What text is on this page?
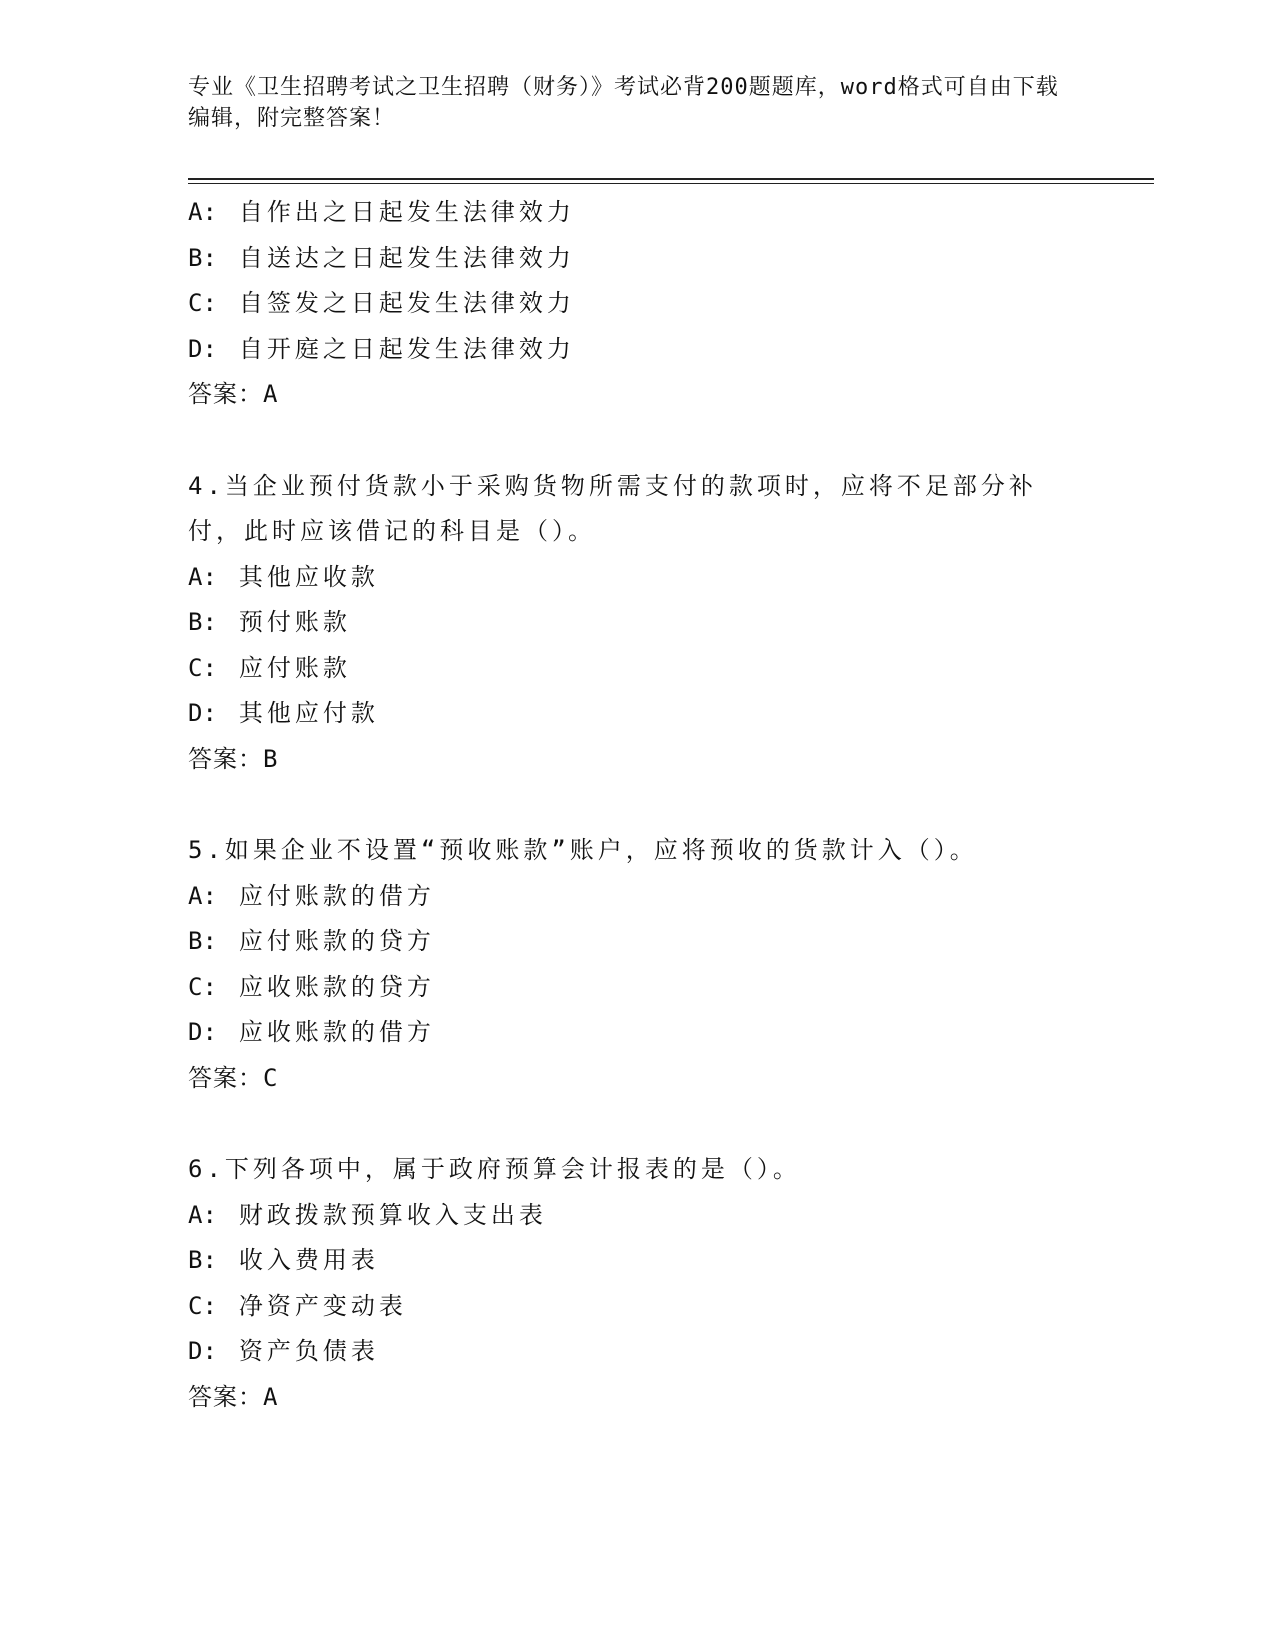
专业《卫生招聘考试之卫生招聘（财务）》考试必背200题题库，word格式可自由下载编辑，附完整答案！
A: 自作出之日起发生法律效力
B: 自送达之日起发生法律效力
C: 自签发之日起发生法律效力
D: 自开庭之日起发生法律效力
答案：A
4.当企业预付货款小于采购货物所需支付的款项时，应将不足部分补付，此时应该借记的科目是（）。
A: 其他应收款
B: 预付账款
C: 应付账款
D: 其他应付款
答案：B
5.如果企业不设置“预收账款”账户，应将预收的货款计入（）。
A: 应付账款的借方
B: 应付账款的贷方
C: 应收账款的贷方
D: 应收账款的借方
答案：C
6.下列各项中，属于政府预算会计报表的是（）。
A: 财政拨款预算收入支出表
B: 收入费用表
C: 净资产变动表
D: 资产负债表
答案：A
